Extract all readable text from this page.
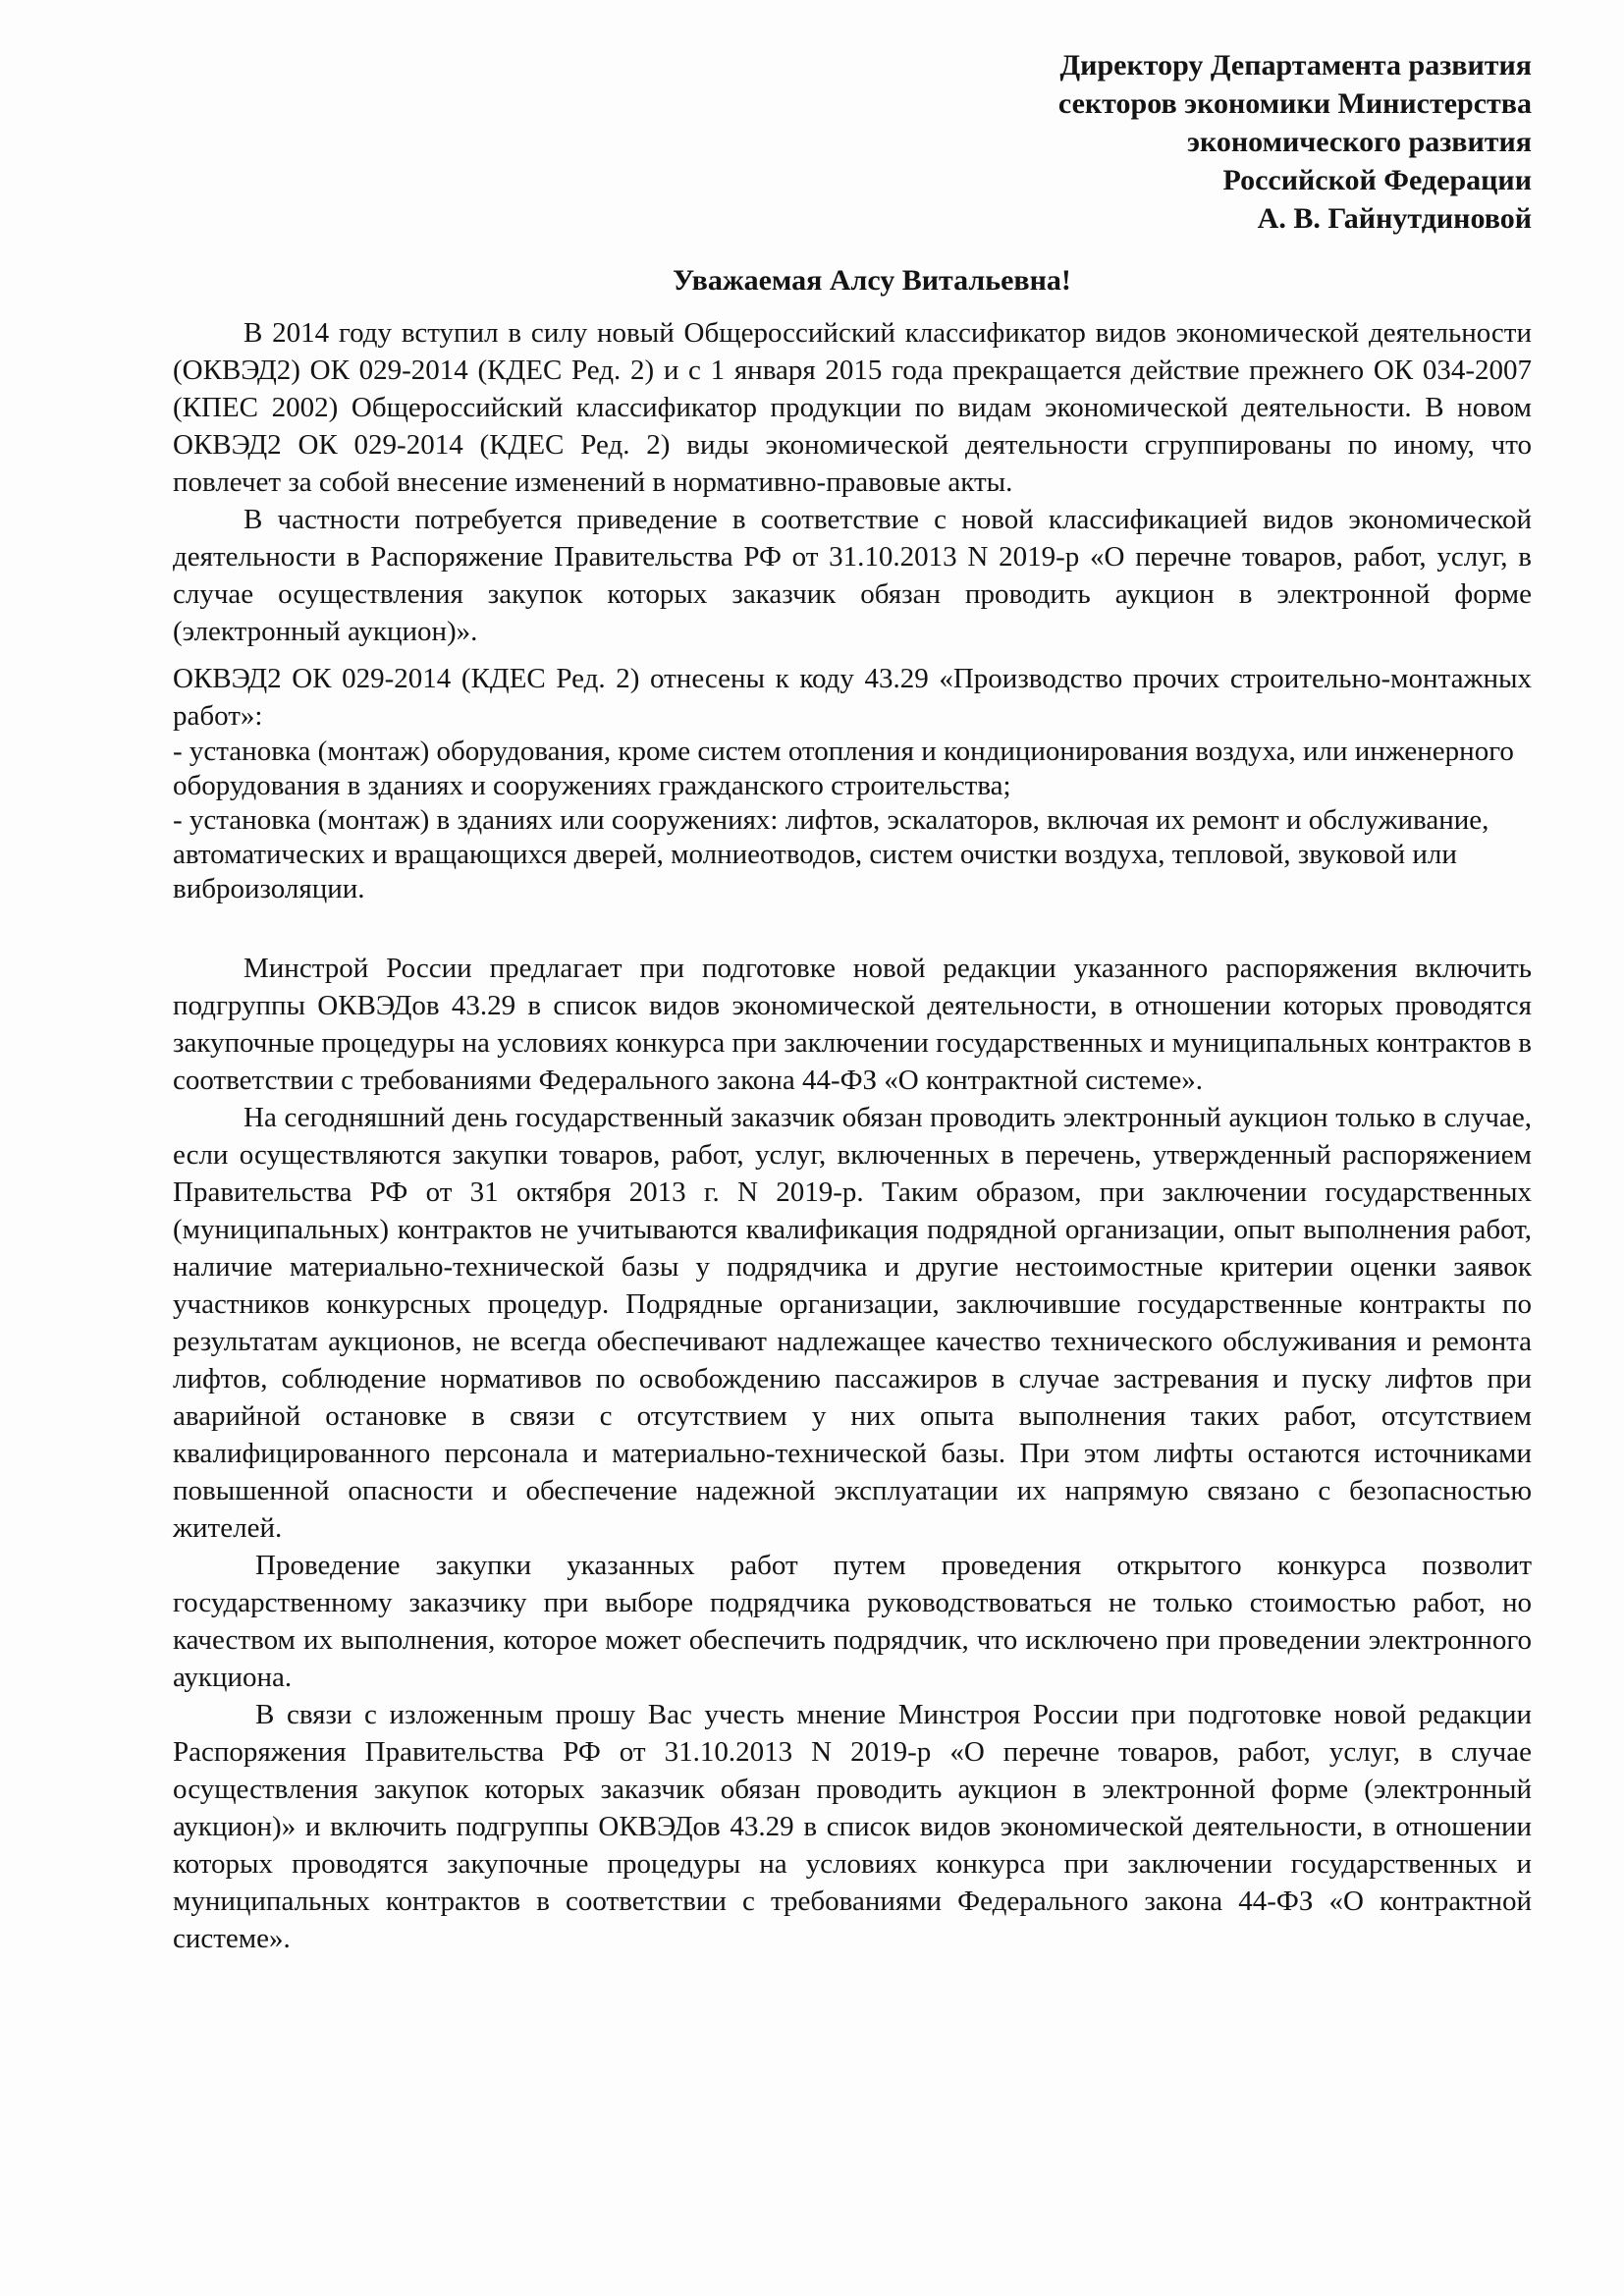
Директору Департамента развития
секторов экономики Министерства
экономического развития
Российской Федерации
А. В. Гайнутдиновой
Уважаемая Алсу Витальевна!

В 2014 году вступил в силу новый Общероссийский классификатор видов экономической деятельности (ОКВЭД2) ОК 029-2014 (КДЕС Ред. 2) и с 1 января 2015 года прекращается действие прежнего ОК 034-2007 (КПЕС 2002) Общероссийский классификатор продукции по видам экономической деятельности. В новом ОКВЭД2 ОК 029-2014 (КДЕС Ред. 2) виды экономической деятельности сгруппированы по иному, что повлечет за собой внесение изменений в нормативно-правовые акты.

В частности потребуется приведение в соответствие с новой классификацией видов экономической деятельности в Распоряжение Правительства РФ от 31.10.2013 N 2019-р «О перечне товаров, работ, услуг, в случае осуществления закупок которых заказчик обязан проводить аукцион в электронной форме (электронный аукцион)».

ОКВЭД2 ОК 029-2014 (КДЕС Ред. 2) отнесены к коду 43.29 «Производство прочих строительно-монтажных работ»:

- установка (монтаж) оборудования, кроме систем отопления и кондиционирования воздуха, или инженерного оборудования в зданиях и сооружениях гражданского строительства;

- установка (монтаж) в зданиях или сооружениях: лифтов, эскалаторов, включая их ремонт и обслуживание, автоматических и вращающихся дверей, молниеотводов, систем очистки воздуха, тепловой, звуковой или виброизоляции.

Минстрой России предлагает при подготовке новой редакции указанного распоряжения включить подгруппы ОКВЭДов 43.29 в список видов экономической деятельности, в отношении которых проводятся закупочные процедуры на условиях конкурса при заключении государственных и муниципальных контрактов в соответствии с требованиями Федерального закона 44-ФЗ «О контрактной системе».

На сегодняшний день государственный заказчик обязан проводить электронный аукцион только в случае, если осуществляются закупки товаров, работ, услуг, включенных в перечень, утвержденный распоряжением Правительства РФ от 31 октября 2013 г. N 2019-р. Таким образом, при заключении государственных (муниципальных) контрактов не учитываются квалификация подрядной организации, опыт выполнения работ, наличие материально-технической базы у подрядчика и другие нестоимостные критерии оценки заявок участников конкурсных процедур. Подрядные организации, заключившие государственные контракты по результатам аукционов, не всегда обеспечивают надлежащее качество технического обслуживания и ремонта лифтов, соблюдение нормативов по освобождению пассажиров в случае застревания и пуску лифтов при аварийной остановке в связи с отсутствием у них опыта выполнения таких работ, отсутствием квалифицированного персонала и материально-технической базы. При этом лифты остаются источниками повышенной опасности и обеспечение надежной эксплуатации их напрямую связано с безопасностью жителей.

Проведение закупки указанных работ путем проведения открытого конкурса позволит государственному заказчику при выборе подрядчика руководствоваться не только стоимостью работ, но качеством их выполнения, которое может обеспечить подрядчик, что исключено при проведении электронного аукциона.

В связи с изложенным прошу Вас учесть мнение Минстроя России при подготовке новой редакции Распоряжения Правительства РФ от 31.10.2013 N 2019-р «О перечне товаров, работ, услуг, в случае осуществления закупок которых заказчик обязан проводить аукцион в электронной форме (электронный аукцион)» и включить подгруппы ОКВЭДов 43.29 в список видов экономической деятельности, в отношении которых проводятся закупочные процедуры на условиях конкурса при заключении государственных и муниципальных контрактов в соответствии с требованиями Федерального закона 44-ФЗ «О контрактной системе».
